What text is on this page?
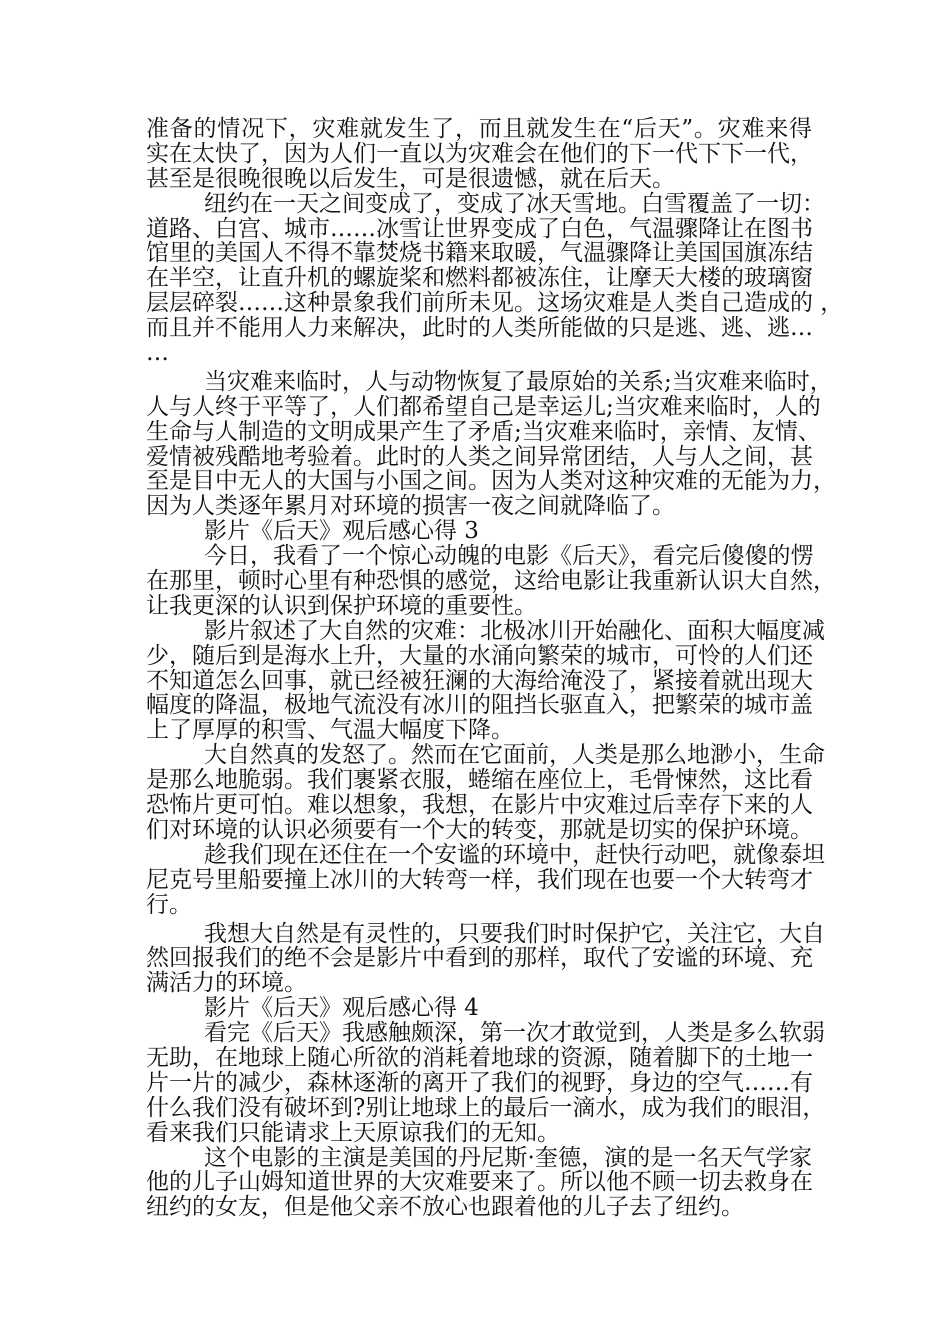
准备的情况下，灾难就发生了，而且就发生在“后天”。灾难来得
实在太快了，因为人们一直以为灾难会在他们的下一代下下一代，
甚至是很晚很晚以后发生，可是很遗憾，就在后天。
纽约在一天之间变成了，变成了冰天雪地。白雪覆盖了一切：
道路、白宫、城市……冰雪让世界变成了白色，气温骤降让在图书
馆里的美国人不得不靠焚烧书籍来取暖，气温骤降让美国国旗冻结
在半空，让直升机的螺旋桨和燃料都被冻住，让摩天大楼的玻璃窗
层层碎裂……这种景象我们前所未见。这场灾难是人类自己造成的 ，
而且并不能用人力来解决，此时的人类所能做的只是逃、逃、逃…
…
当灾难来临时，人与动物恢复了最原始的关系;当灾难来临时，
人与人终于平等了，人们都希望自己是幸运儿;当灾难来临时，人的
生命与人制造的文明成果产生了矛盾;当灾难来临时，亲情、友情、
爱情被残酷地考验着。此时的人类之间异常团结，人与人之间，甚
至是目中无人的大国与小国之间。因为人类对这种灾难的无能为力，
因为人类逐年累月对环境的损害一夜之间就降临了。
影片《后天》观后感心得 3
今日，我看了一个惊心动魄的电影《后天》，看完后傻傻的愣
在那里，顿时心里有种恐惧的感觉，这给电影让我重新认识大自然，
让我更深的认识到保护环境的重要性。
影片叙述了大自然的灾难：北极冰川开始融化、面积大幅度减
少，随后到是海水上升，大量的水涌向繁荣的城市，可怜的人们还
不知道怎么回事，就已经被狂澜的大海给淹没了，紧接着就出现大
幅度的降温，极地气流没有冰川的阻挡长驱直入，把繁荣的城市盖
上了厚厚的积雪、气温大幅度下降。
大自然真的发怒了。然而在它面前，人类是那么地渺小，生命
是那么地脆弱。我们裹紧衣服，蜷缩在座位上，毛骨悚然，这比看
恐怖片更可怕。难以想象，我想，在影片中灾难过后幸存下来的人
们对环境的认识必须要有一个大的转变，那就是切实的保护环境。
趁我们现在还住在一个安谧的环境中，赶快行动吧，就像泰坦
尼克号里船要撞上冰川的大转弯一样，我们现在也要一个大转弯才
行。
我想大自然是有灵性的，只要我们时时保护它，关注它，大自
然回报我们的绝不会是影片中看到的那样，取代了安谧的环境、充
满活力的环境。
影片《后天》观后感心得 4
看完《后天》我感触颇深，第一次才敢觉到，人类是多么软弱
无助，在地球上随心所欲的消耗着地球的资源，随着脚下的土地一
片一片的减少，森林逐渐的离开了我们的视野，身边的空气……有
什么我们没有破坏到?别让地球上的最后一滴水，成为我们的眼泪，
看来我们只能请求上天原谅我们的无知。
这个电影的主演是美国的丹尼斯·奎德，演的是一名天气学家
他的儿子山姆知道世界的大灾难要来了。所以他不顾一切去救身在
纽约的女友，但是他父亲不放心也跟着他的儿子去了纽约。
